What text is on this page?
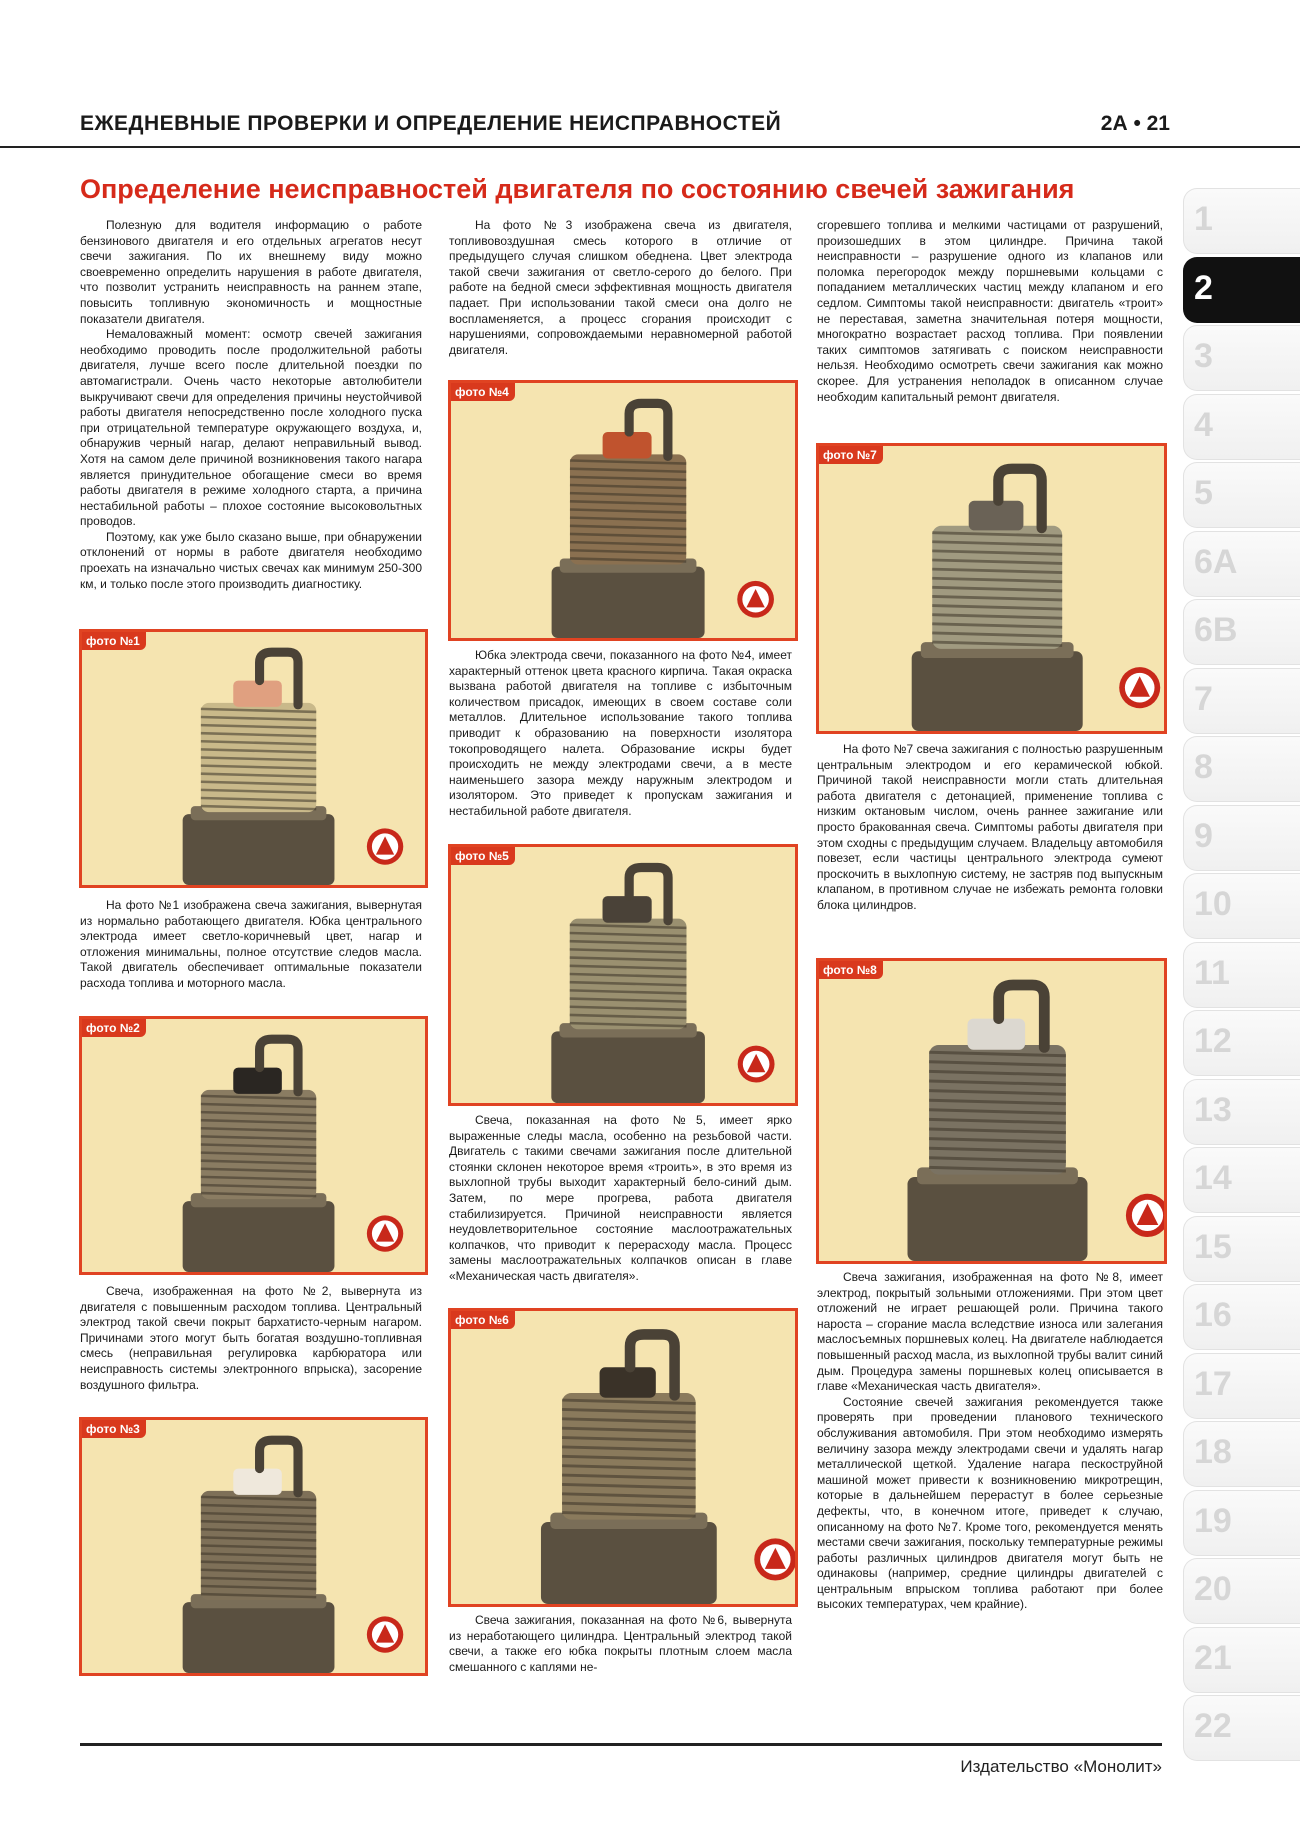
ЕЖЕДНЕВНЫЕ ПРОВЕРКИ И ОПРЕДЕЛЕНИЕ НЕИСПРАВНОСТЕЙ	2А • 21
Определение неисправностей двигателя по состоянию свечей зажигания

Полезную для водителя информацию о работе бензинового двигателя и его отдельных агрегатов несут свечи зажигания. По их внешнему виду можно своевременно определить нарушения в работе двигателя, что позволит устранить неисправность на раннем этапе, повысить топливную экономичность и мощностные показатели двигателя.

Немаловажный момент: осмотр свечей зажигания необходимо проводить после продолжительной работы двигателя, лучше всего после длительной поездки по автомагистрали. Очень часто некоторые автолюбители выкручивают свечи для определения причины неустойчивой работы двигателя непосредственно после холодного пуска при отрицательной температуре окружающего воздуха, и, обнаружив черный нагар, делают неправильный вывод. Хотя на самом деле причиной возникновения такого нагара является принудительное обогащение смеси во время работы двигателя в режиме холодного старта, а причина нестабильной работы – плохое состояние высоковольтных проводов.

Поэтому, как уже было сказано выше, при обнаружении отклонений от нормы в работе двигателя необходимо проехать на изначально чистых свечах как минимум 250-300 км, и только после этого производить диагностику.

фото №1

На фото №1 изображена свеча зажигания, вывернутая из нормально работающего двигателя. Юбка центрального электрода имеет светло-коричневый цвет, нагар и отложения минимальны, полное отсутствие следов масла. Такой двигатель обеспечивает оптимальные показатели расхода топлива и моторного масла.

фото №2

Свеча, изображенная на фото №2, вывернута из двигателя с повышенным расходом топлива. Центральный электрод такой свечи покрыт бархатисто-черным нагаром. Причинами этого могут быть богатая воздушно-топливная смесь (неправильная регулировка карбюратора или неисправность системы электронного впрыска), засорение воздушного фильтра.

фото №3

На фото №3 изображена свеча из двигателя, топливовоздушная смесь которого в отличие от предыдущего случая слишком обеднена. Цвет электрода такой свечи зажигания от светло-серого до белого. При работе на бедной смеси эффективная мощность двигателя падает. При использовании такой смеси она долго не воспламеняется, а процесс сгорания происходит с нарушениями, сопровождаемыми неравномерной работой двигателя.

фото №4

Юбка электрода свечи, показанного на фото №4, имеет характерный оттенок цвета красного кирпича. Такая окраска вызвана работой двигателя на топливе с избыточным количеством присадок, имеющих в своем составе соли металлов. Длительное использование такого топлива приводит к образованию на поверхности изолятора токопроводящего налета. Образование искры будет происходить не между электродами свечи, а в месте наименьшего зазора между наружным электродом и изолятором. Это приведет к пропускам зажигания и нестабильной работе двигателя.

фото №5

Свеча, показанная на фото №5, имеет ярко выраженные следы масла, особенно на резьбовой части. Двигатель с такими свечами зажигания после длительной стоянки склонен некоторое время «троить», в это время из выхлопной трубы выходит характерный бело-синий дым. Затем, по мере прогрева, работа двигателя стабилизируется. Причиной неисправности является неудовлетворительное состояние маслоотражательных колпачков, что приводит к перерасходу масла. Процесс замены маслоотражательных колпачков описан в главе «Механическая часть двигателя».

фото №6

Свеча зажигания, показанная на фото №6, вывернута из неработающего цилиндра. Центральный электрод такой свечи, а также его юбка покрыты плотным слоем масла смешанного с каплями не-

сгоревшего топлива и мелкими частицами от разрушений, произошедших в этом цилиндре. Причина такой неисправности – разрушение одного из клапанов или поломка перегородок между поршневыми кольцами с попаданием металлических частиц между клапаном и его седлом. Симптомы такой неисправности: двигатель «троит» не переставая, заметна значительная потеря мощности, многократно возрастает расход топлива. При появлении таких симптомов затягивать с поиском неисправности нельзя. Необходимо осмотреть свечи зажигания как можно скорее. Для устранения неполадок в описанном случае необходим капитальный ремонт двигателя.

фото №7

На фото №7 свеча зажигания с полностью разрушенным центральным электродом и его керамической юбкой. Причиной такой неисправности могли стать длительная работа двигателя с детонацией, применение топлива с низким октановым числом, очень раннее зажигание или просто бракованная свеча. Симптомы работы двигателя при этом сходны с предыдущим случаем. Владельцу автомобиля повезет, если частицы центрального электрода сумеют проскочить в выхлопную систему, не застряв под выпускным клапаном, в противном случае не избежать ремонта головки блока цилиндров.

фото №8

Свеча зажигания, изображенная на фото №8, имеет электрод, покрытый зольными отложениями. При этом цвет отложений не играет решающей роли. Причина такого нароста – сгорание масла вследствие износа или залегания маслосъемных поршневых колец. На двигателе наблюдается повышенный расход масла, из выхлопной трубы валит синий дым. Процедура замены поршневых колец описывается в главе «Механическая часть двигателя».

Состояние свечей зажигания рекомендуется также проверять при проведении планового технического обслуживания автомобиля. При этом необходимо измерять величину зазора между электродами свечи и удалять нагар металлической щеткой. Удаление нагара пескоструйной машиной может привести к возникновению микротрещин, которые в дальнейшем перерастут в более серьезные дефекты, что, в конечном итоге, приведет к случаю, описанному на фото №7. Кроме того, рекомендуется менять местами свечи зажигания, поскольку температурные режимы работы различных цилиндров двигателя могут быть не одинаковы (например, средние цилиндры двигателей с центральным впрыском топлива работают при более высоких температурах, чем крайние).

1
2
3
4
5
6А
6В
7
8
9
10
11
12
13
14
15
16
17
18
19
20
21
22
Издательство «Монолит»
